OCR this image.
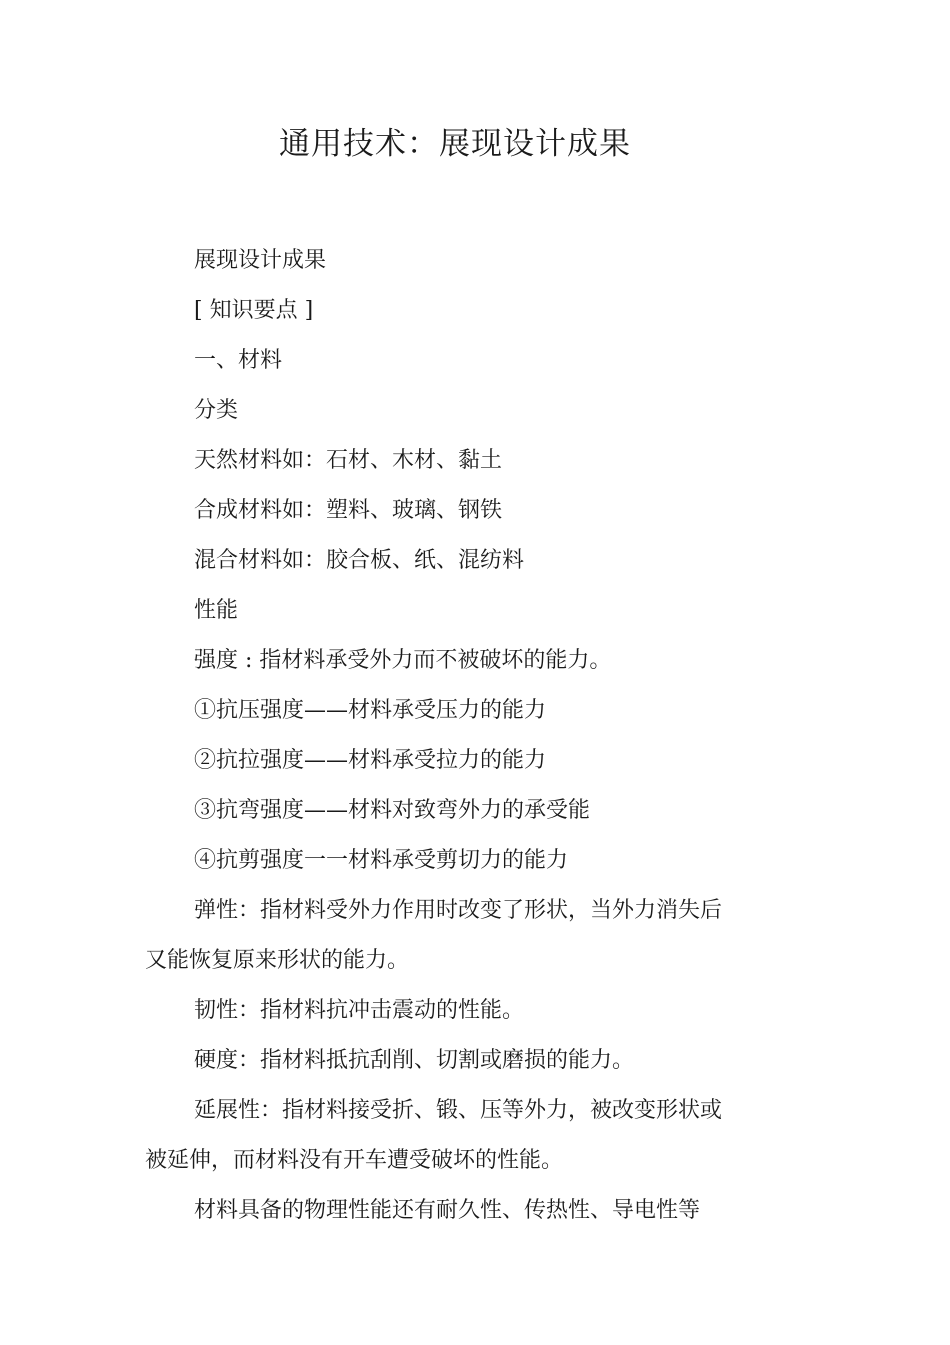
通用技术：展现设计成果
展现设计成果
[ 知识要点 ]
一、材料
分类
天然材料如：石材、木材、黏土
合成材料如：塑料、玻璃、钢铁
混合材料如：胶合板、纸、混纺料
性能
强度 : 指材料承受外力而不被破坏的能力。
①抗压强度——材料承受压力的能力
②抗拉强度——材料承受拉力的能力
③抗弯强度——材料对致弯外力的承受能
④抗剪强度一一材料承受剪切力的能力
弹性：指材料受外力作用时改变了形状，当外力消失后
又能恢复原来形状的能力。
韧性：指材料抗冲击震动的性能。
硬度：指材料抵抗刮削、切割或磨损的能力。
延展性：指材料接受折、锻、压等外力，被改变形状或
被延伸，而材料没有开车遭受破坏的性能。
材料具备的物理性能还有耐久性、传热性、导电性等
